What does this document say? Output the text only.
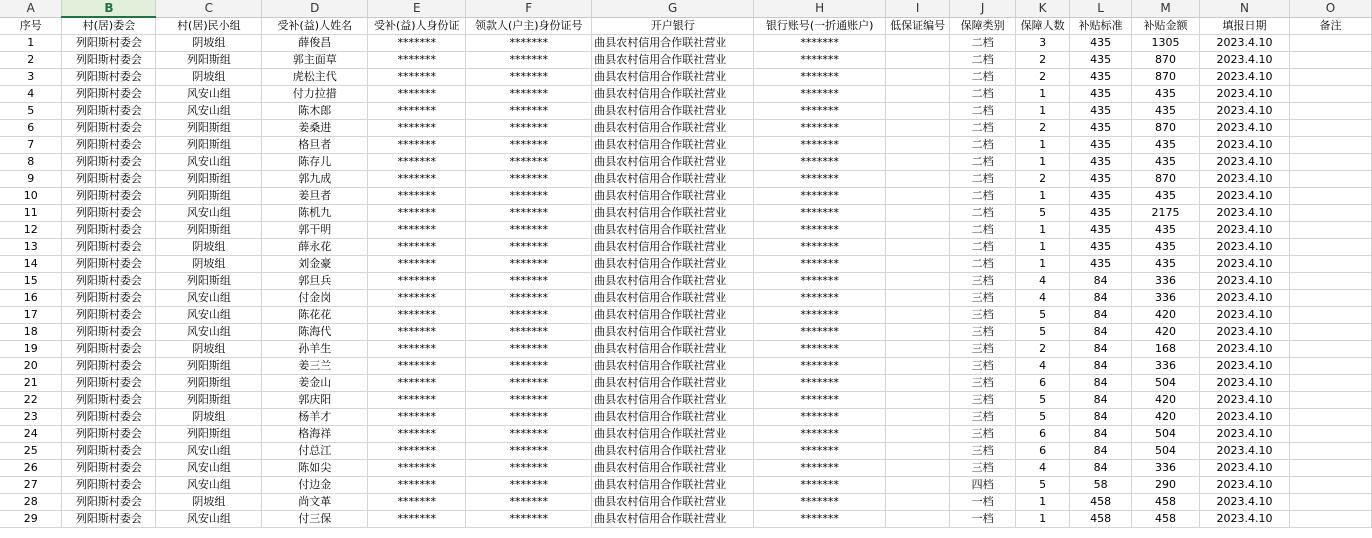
A	B	C	D	E	F	G	H	I	J	K	L	M	N	O
序号	村(居)委会	村(居)民小组	受补(益)人姓名	受补(益)人身份证	领款人(户主)身份证号	开户银行	银行账号(一折通账户)	低保证编号	保障类别	保障人数	补贴标准	补贴金额	填报日期	备注
1	列阳斯村委会	阴坡组	薛俊昌	*******	*******	曲县农村信用合作联社营业	*******		二档	3	435	1305	2023.4.10	
2	列阳斯村委会	列阳斯组	郭主面草	*******	*******	曲县农村信用合作联社营业	*******		二档	2	435	870	2023.4.10	
3	列阳斯村委会	阴坡组	虎松主代	*******	*******	曲县农村信用合作联社营业	*******		二档	2	435	870	2023.4.10	
4	列阳斯村委会	风安山组	付力拉措	*******	*******	曲县农村信用合作联社营业	*******		二档	1	435	435	2023.4.10	
5	列阳斯村委会	风安山组	陈木郎	*******	*******	曲县农村信用合作联社营业	*******		二档	1	435	435	2023.4.10	
6	列阳斯村委会	列阳斯组	姜桑进	*******	*******	曲县农村信用合作联社营业	*******		二档	2	435	870	2023.4.10	
7	列阳斯村委会	列阳斯组	格旦者	*******	*******	曲县农村信用合作联社营业	*******		二档	1	435	435	2023.4.10	
8	列阳斯村委会	风安山组	陈存儿	*******	*******	曲县农村信用合作联社营业	*******		二档	1	435	435	2023.4.10	
9	列阳斯村委会	列阳斯组	郭九成	*******	*******	曲县农村信用合作联社营业	*******		二档	2	435	870	2023.4.10	
10	列阳斯村委会	列阳斯组	姜旦者	*******	*******	曲县农村信用合作联社营业	*******		二档	1	435	435	2023.4.10	
11	列阳斯村委会	风安山组	陈机九	*******	*******	曲县农村信用合作联社营业	*******		二档	5	435	2175	2023.4.10	
12	列阳斯村委会	列阳斯组	郭干明	*******	*******	曲县农村信用合作联社营业	*******		二档	1	435	435	2023.4.10	
13	列阳斯村委会	阴坡组	薛永花	*******	*******	曲县农村信用合作联社营业	*******		二档	1	435	435	2023.4.10	
14	列阳斯村委会	阴坡组	刘金豪	*******	*******	曲县农村信用合作联社营业	*******		二档	1	435	435	2023.4.10	
15	列阳斯村委会	列阳斯组	郭旦兵	*******	*******	曲县农村信用合作联社营业	*******		三档	4	84	336	2023.4.10	
16	列阳斯村委会	风安山组	付金岗	*******	*******	曲县农村信用合作联社营业	*******		三档	4	84	336	2023.4.10	
17	列阳斯村委会	风安山组	陈花花	*******	*******	曲县农村信用合作联社营业	*******		三档	5	84	420	2023.4.10	
18	列阳斯村委会	风安山组	陈海代	*******	*******	曲县农村信用合作联社营业	*******		三档	5	84	420	2023.4.10	
19	列阳斯村委会	阴坡组	孙羊生	*******	*******	曲县农村信用合作联社营业	*******		三档	2	84	168	2023.4.10	
20	列阳斯村委会	列阳斯组	姜三兰	*******	*******	曲县农村信用合作联社营业	*******		三档	4	84	336	2023.4.10	
21	列阳斯村委会	列阳斯组	姜金山	*******	*******	曲县农村信用合作联社营业	*******		三档	6	84	504	2023.4.10	
22	列阳斯村委会	列阳斯组	郭庆阳	*******	*******	曲县农村信用合作联社营业	*******		三档	5	84	420	2023.4.10	
23	列阳斯村委会	阴坡组	杨羊才	*******	*******	曲县农村信用合作联社营业	*******		三档	5	84	420	2023.4.10	
24	列阳斯村委会	列阳斯组	格海祥	*******	*******	曲县农村信用合作联社营业	*******		三档	6	84	504	2023.4.10	
25	列阳斯村委会	风安山组	付总江	*******	*******	曲县农村信用合作联社营业	*******		三档	6	84	504	2023.4.10	
26	列阳斯村委会	风安山组	陈如尖	*******	*******	曲县农村信用合作联社营业	*******		三档	4	84	336	2023.4.10	
27	列阳斯村委会	风安山组	付边金	*******	*******	曲县农村信用合作联社营业	*******		四档	5	58	290	2023.4.10	
28	列阳斯村委会	阴坡组	尚文革	*******	*******	曲县农村信用合作联社营业	*******		一档	1	458	458	2023.4.10	
29	列阳斯村委会	风安山组	付三保	*******	*******	曲县农村信用合作联社营业	*******		一档	1	458	458	2023.4.10	
